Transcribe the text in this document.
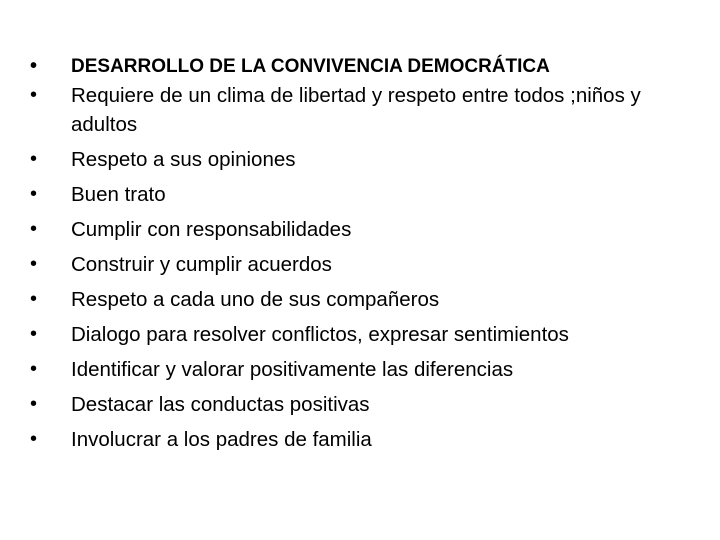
•	DESARROLLO DE LA CONVIVENCIA DEMOCRÁTICA
•	Requiere de un clima de libertad y respeto entre todos ;niños y adultos
•	Respeto a sus opiniones
•	Buen trato
•	Cumplir con responsabilidades
•	Construir y cumplir acuerdos
•	Respeto a cada uno de sus compañeros
•	Dialogo para resolver conflictos, expresar sentimientos
•	Identificar y valorar positivamente las diferencias
•	Destacar las conductas positivas
•	Involucrar a los padres de familia
